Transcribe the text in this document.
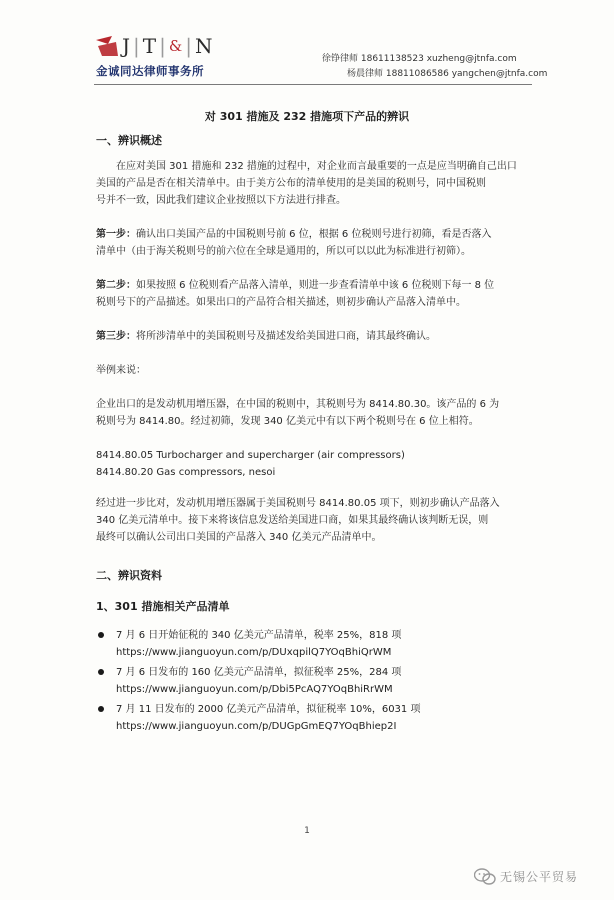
J|T|&|N
金诚同达律师事务所
徐铮律师 18611138523 xuzheng@jtnfa.com
杨晨律师 18811086586 yangchen@jtnfa.com
对 301 措施及 232 措施项下产品的辨识
一、辨识概述
在应对美国 301 措施和 232 措施的过程中，对企业而言最重要的一点是应当明确自己出口
美国的产品是否在相关清单中。由于美方公布的清单使用的是美国的税则号，同中国税则
号并不一致，因此我们建议企业按照以下方法进行排查。
第一步：确认出口美国产品的中国税则号前 6 位，根据 6 位税则号进行初筛，看是否落入
清单中（由于海关税则号的前六位在全球是通用的，所以可以以此为标准进行初筛）。
第二步：如果按照 6 位税则看产品落入清单，则进一步查看清单中该 6 位税则下每一 8 位
税则号下的产品描述。如果出口的产品符合相关描述，则初步确认产品落入清单中。
第三步：将所涉清单中的美国税则号及描述发给美国进口商，请其最终确认。
举例来说：
企业出口的是发动机用增压器，在中国的税则中，其税则号为 8414.80.30。该产品的 6 为
税则号为 8414.80。经过初筛，发现 340 亿美元中有以下两个税则号在 6 位上相符。
8414.80.05 Turbocharger and supercharger (air compressors)
8414.80.20 Gas compressors, nesoi
经过进一步比对，发动机用增压器属于美国税则号 8414.80.05 项下，则初步确认产品落入
340 亿美元清单中。接下来将该信息发送给美国进口商，如果其最终确认该判断无误，则
最终可以确认公司出口美国的产品落入 340 亿美元产品清单中。
二、辨识资料
1、301 措施相关产品清单
7 月 6 日开始征税的 340 亿美元产品清单，税率 25%，818 项
https://www.jianguoyun.com/p/DUxqpilQ7YOqBhiQrWM
7 月 6 日发布的 160 亿美元产品清单，拟征税率 25%，284 项
https://www.jianguoyun.com/p/Dbi5PcAQ7YOqBhiRrWM
7 月 11 日发布的 2000 亿美元产品清单，拟征税率 10%，6031 项
https://www.jianguoyun.com/p/DUGpGmEQ7YOqBhiep2I
1
无锡公平贸易
